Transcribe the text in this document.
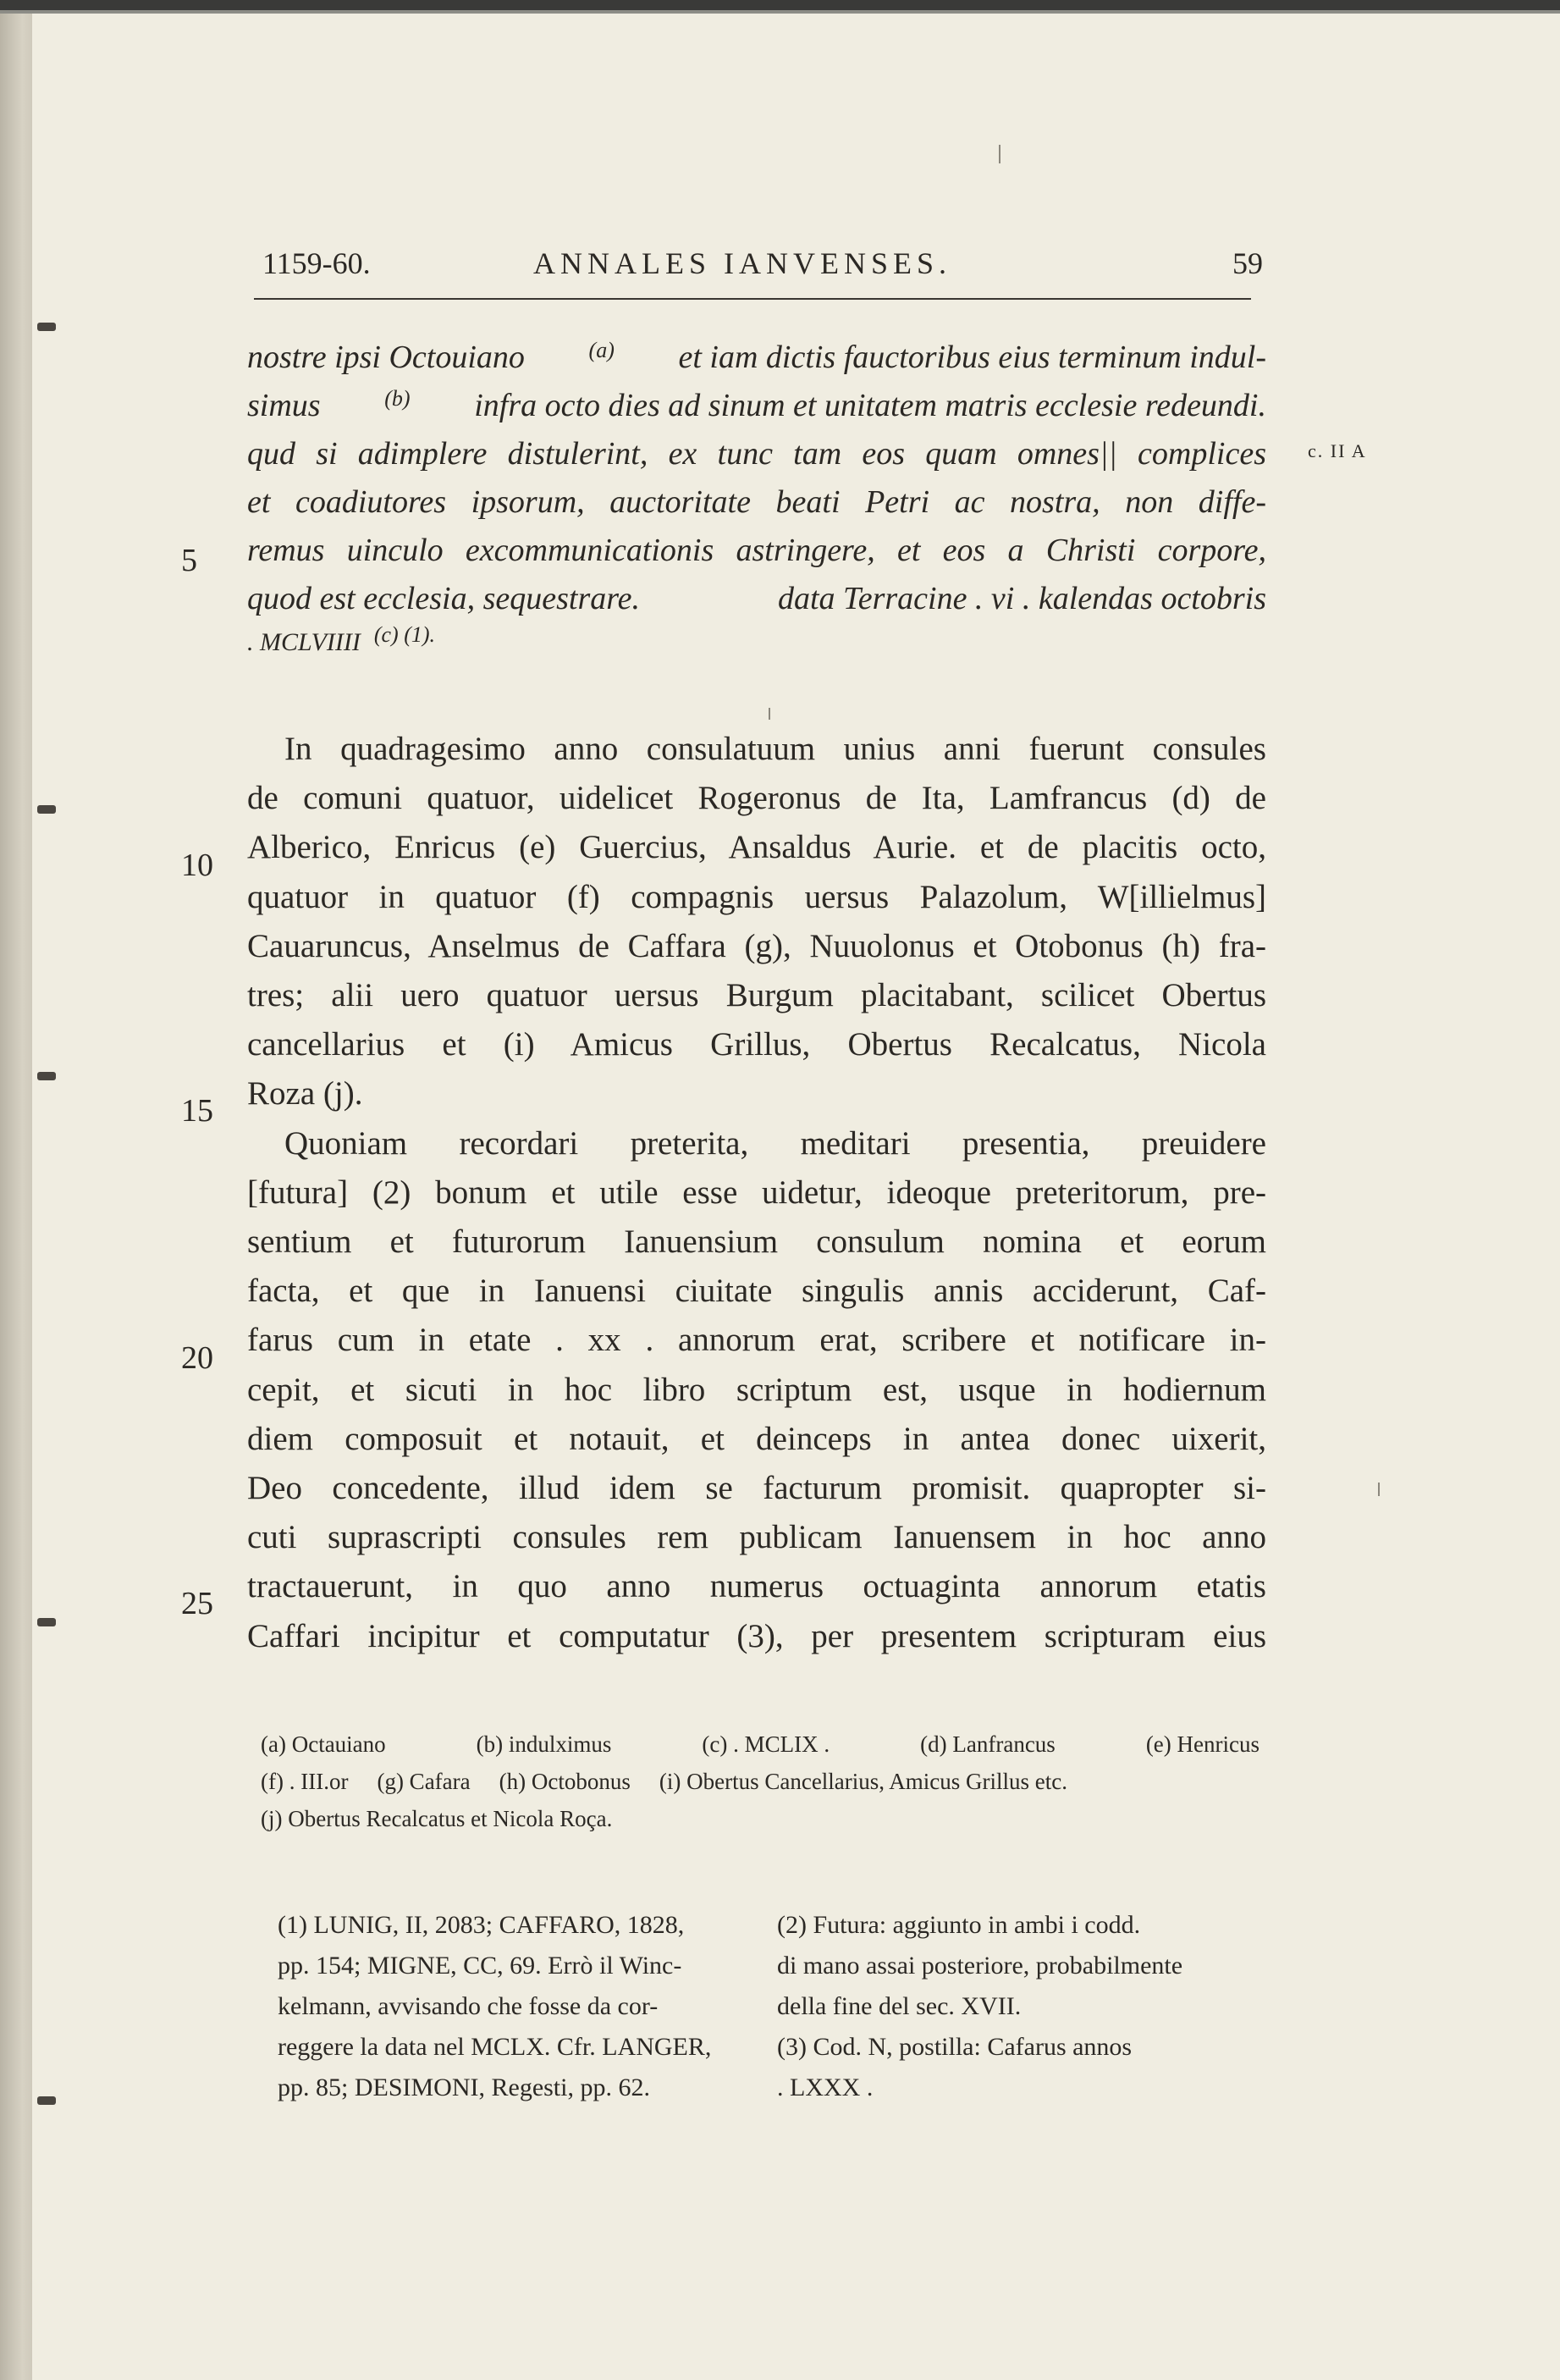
1159-60.	ANNALES IANVENSES.	59
c. II A
nostre ipsi Octouiano	(a) et iam dictis fauctoribus eius terminum indul-
simus	(b) infra octo dies ad sinum et unitatem matris ecclesie redeundi.
qud si adimplere distulerint, ex tunc tam eos quam omnes|| complices
et coadiutores ipsorum, auctoritate beati Petri ac nostra, non diffe-
remus uinculo excommunicationis astringere, et eos a Christi corpore,
quod est ecclesia, sequestrare.	data Terracine . vi . kalendas octobris
. MCLVIIII (c) (1).
5
In quadragesimo anno consulatuum unius anni fuerunt consules
de comuni quatuor, uidelicet Rogeronus de Ita, Lamfrancus (d) de
Alberico, Enricus (e) Guercius, Ansaldus Aurie. et de placitis octo,
quatuor in quatuor (f) compagnis uersus Palazolum, W[illielmus]
Cauaruncus, Anselmus de Caffara (g), Nuuolonus et Otobonus (h) fra-
tres; alii uero quatuor uersus Burgum placitabant, scilicet Obertus
cancellarius et (i) Amicus Grillus, Obertus Recalcatus, Nicola
Roza (j).
Quoniam recordari preterita, meditari presentia, preuidere
[futura] (2) bonum et utile esse uidetur, ideoque preteritorum, pre-
sentium et futurorum Ianuensium consulum nomina et eorum
facta, et que in Ianuensi ciuitate singulis annis acciderunt, Caf-
farus cum in etate . xx . annorum erat, scribere et notificare in-
cepit, et sicuti in hoc libro scriptum est, usque in hodiernum
diem composuit et notauit, et deinceps in antea donec uixerit,
Deo concedente, illud idem se facturum promisit. quapropter si-
cuti suprascripti consules rem publicam Ianuensem in hoc anno
tractauerunt, in quo anno numerus octuaginta annorum etatis
Caffari incipitur et computatur (3), per presentem scripturam eius
10
15
20
25
(a) Octauiano	(b) indulximus	(c) . MCLIX .	(d) Lanfrancus	(e) Henricus
(f) . III.or (g) Cafara (h) Octobonus (i) Obertus Cancellarius, Amicus Grillus etc.
(j) Obertus Recalcatus et Nicola Roça.
(1) LUNIG, II, 2083; CAFFARO, 1828,
pp. 154; MIGNE, CC, 69. Errò il Winc-
kelmann, avvisando che fosse da cor-
reggere la data nel MCLX. Cfr. LANGER,
pp. 85; DESIMONI, Regesti, pp. 62.
(2) Futura: aggiunto in ambi i codd.
di mano assai posteriore, probabilmente
della fine del sec. XVII.
(3) Cod. N, postilla: Cafarus annos
. LXXX .
